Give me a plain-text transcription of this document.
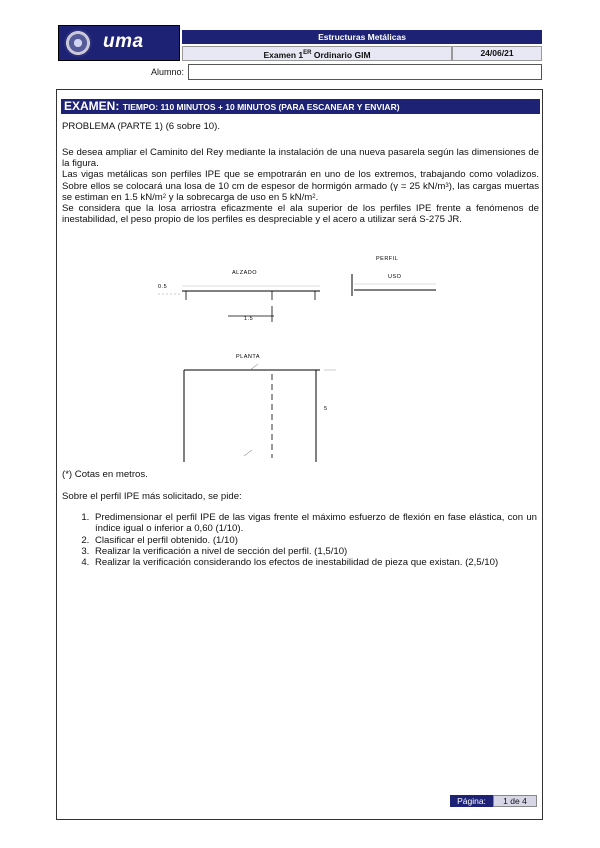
uma	Estructuras Metálicas
Examen 1ER Ordinario GIM	24/06/21
Alumno:
EXAMEN: TIEMPO: 110 MINUTOS + 10 MINUTOS (PARA ESCANEAR Y ENVIAR)
PROBLEMA (PARTE 1) (6 sobre 10).

Se desea ampliar el Caminito del Rey mediante la instalación de una nueva pasarela según las dimensiones de la figura.

Las vigas metálicas son perfiles IPE que se empotrarán en uno de los extremos, trabajando como voladizos. Sobre ellos se colocará una losa de 10 cm de espesor de hormigón armado (γ = 25 $kN/m^3$), las cargas muertas se estiman en 1.5 $kN/m^2$ y la sobrecarga de uso en 5 $kN/m^2$.

Se considera que la losa arriostra eficazmente el ala superior de los perfiles IPE frente a fenómenos de inestabilidad, el peso propio de los perfiles es despreciable y el acero a utilizar será S-275 JR.

ALZADO
0.5
1.5
PERFIL
USO
PLANTA
5
(*) Cotas en metros.
Sobre el perfil IPE más solicitado, se pide:
1. Predimensionar el perfil IPE de las vigas frente el máximo esfuerzo de flexión en fase elástica, con un índice igual o inferior a 0,60 (1/10).
2. Clasificar el perfil obtenido. (1/10)
3. Realizar la verificación a nivel de sección del perfil. (1,5/10)
4. Realizar la verificación considerando los efectos de inestabilidad de pieza que existan. (2,5/10)
Página:	1 de 4
